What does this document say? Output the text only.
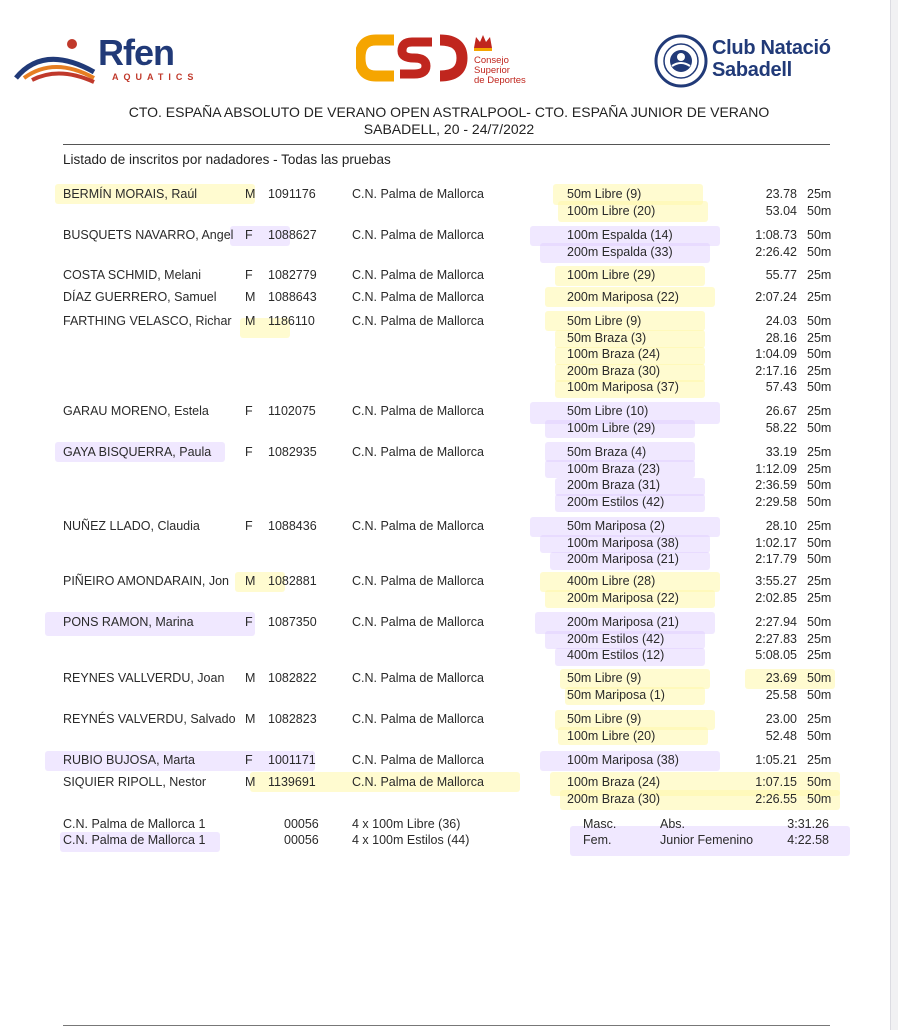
Rfen
AQUATICS
Consejo
Superior
de Deportes
Club Natació
Sabadell
CTO. ESPAÑA ABSOLUTO DE VERANO OPEN ASTRALPOOL- CTO. ESPAÑA JUNIOR DE VERANO
SABADELL, 20 - 24/7/2022
Listado de inscritos por nadadores - Todas las pruebas
BERMÍN MORAIS, Raúl	M 1091176	C.N. Palma de Mallorca	50m Libre (9)	23.78 25m
100m Libre (20)	53.04 50m
BUSQUETS NAVARRO, Angel F 1088627	C.N. Palma de Mallorca	100m Espalda (14)	1:08.73 50m
200m Espalda (33)	2:26.42 50m
COSTA SCHMID, Melani	F 1082779	C.N. Palma de Mallorca	100m Libre (29)	55.77 25m
DÍAZ GUERRERO, Samuel M 1088643	C.N. Palma de Mallorca	200m Mariposa (22)	2:07.24 25m
FARTHING VELASCO, Richar M 1186110	C.N. Palma de Mallorca	50m Libre (9)	24.03 50m
50m Braza (3)	28.16 25m
100m Braza (24)	1:04.09 50m
200m Braza (30)	2:17.16 25m
100m Mariposa (37)	57.43 50m
GARAU MORENO, Estela	F 1102075	C.N. Palma de Mallorca	50m Libre (10)	26.67 25m
100m Libre (29)	58.22 50m
GAYA BISQUERRA, Paula	F 1082935	C.N. Palma de Mallorca	50m Braza (4)	33.19 25m
100m Braza (23)	1:12.09 25m
200m Braza (31)	2:36.59 50m
200m Estilos (42)	2:29.58 50m
NUÑEZ LLADO, Claudia	F 1088436	C.N. Palma de Mallorca	50m Mariposa (2)	28.10 25m
100m Mariposa (38)	1:02.17 50m
200m Mariposa (21)	2:17.79 50m
PIÑEIRO AMONDARAIN, Jon M 1082881	C.N. Palma de Mallorca	400m Libre (28)	3:55.27 25m
200m Mariposa (22)	2:02.85 25m
PONS RAMON, Marina	F 1087350	C.N. Palma de Mallorca	200m Mariposa (21)	2:27.94 50m
200m Estilos (42)	2:27.83 25m
400m Estilos (12)	5:08.05 25m
REYNES VALLVERDU, Joan M 1082822	C.N. Palma de Mallorca	50m Libre (9)	23.69 50m
50m Mariposa (1)	25.58 50m
REYNÉS VALVERDU, Salvado M 1082823	C.N. Palma de Mallorca	50m Libre (9)	23.00 25m
100m Libre (20)	52.48 50m
RUBIO BUJOSA, Marta	F 1001171	C.N. Palma de Mallorca	100m Mariposa (38)	1:05.21 25m
SIQUIER RIPOLL, Nestor	M 1139691	C.N. Palma de Mallorca	100m Braza (24)	1:07.15 50m
200m Braza (30)	2:26.55 50m
C.N. Palma de Mallorca 1	00056	4 x 100m Libre (36)	Masc.	Abs.	3:31.26
C.N. Palma de Mallorca 1	00056	4 x 100m Estilos (44)	Fem.	Junior Femenino	4:22.58
